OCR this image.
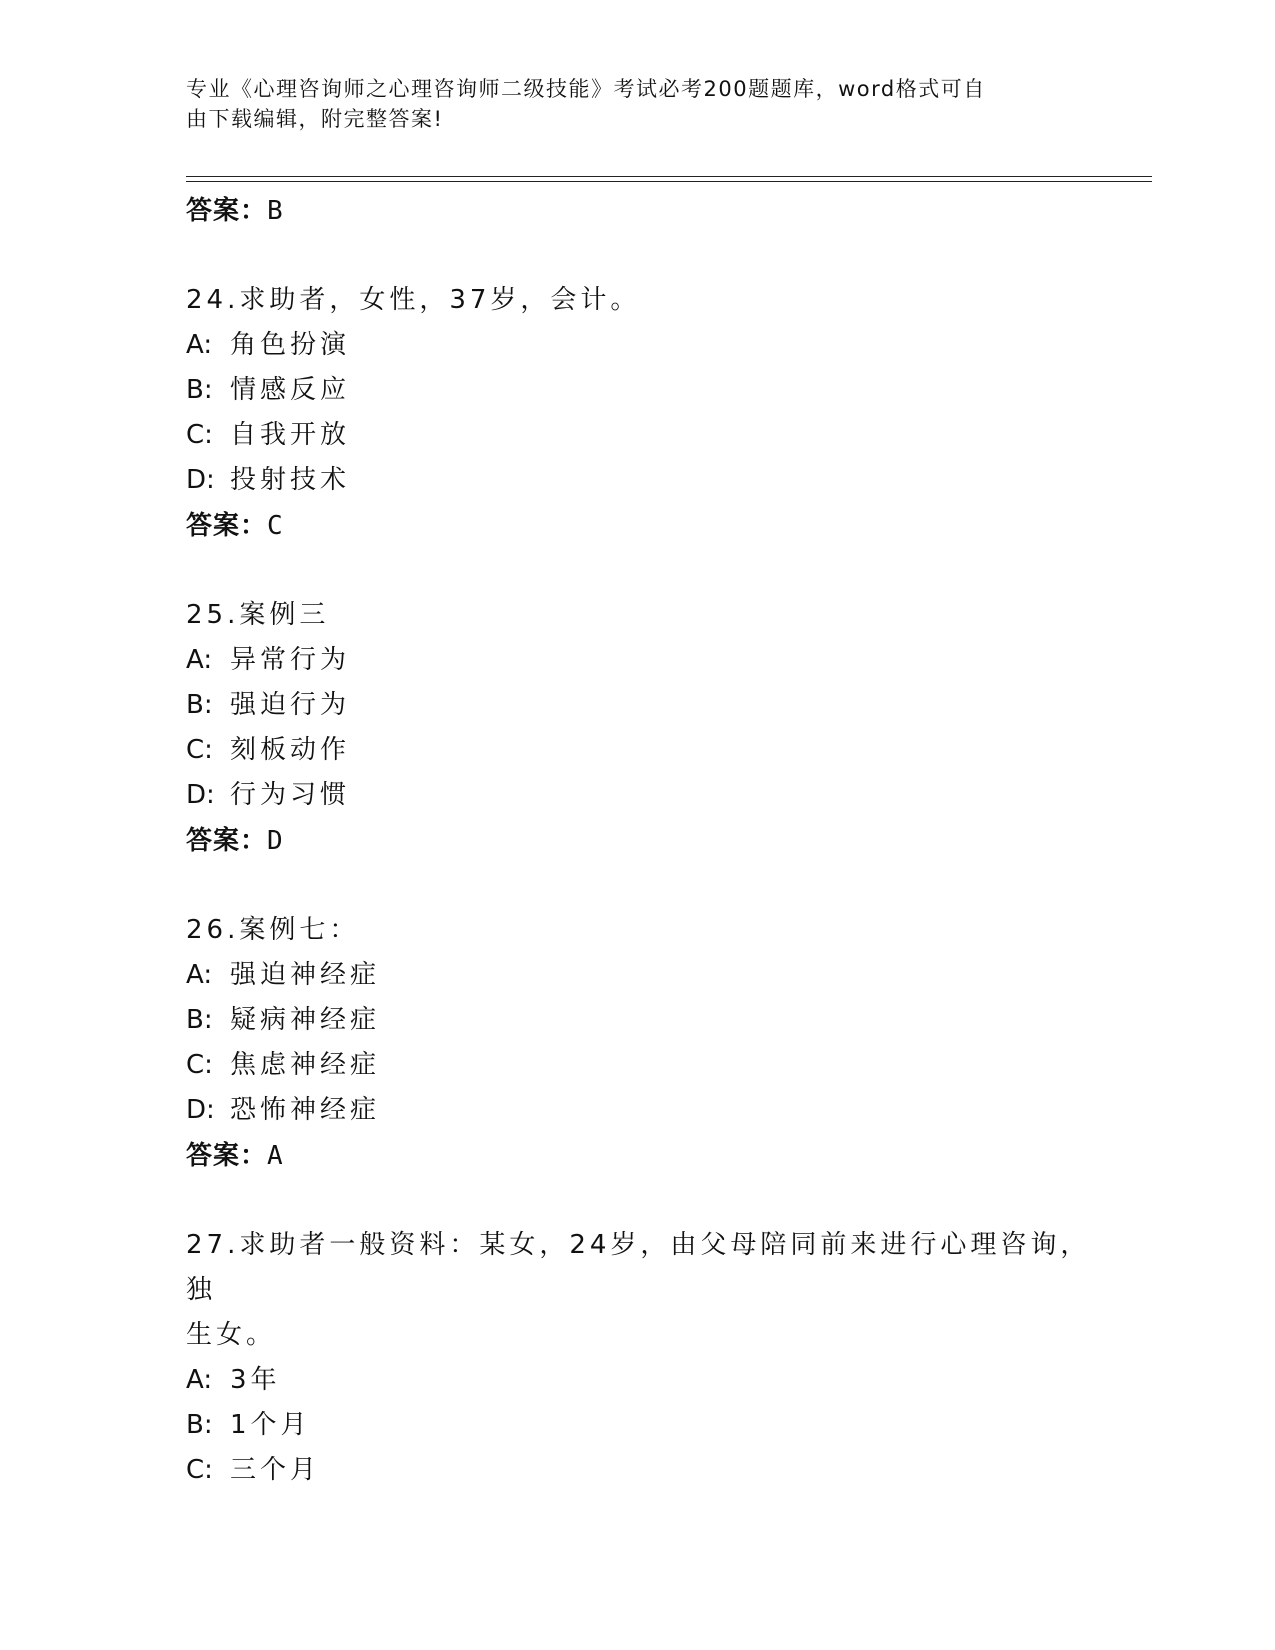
专业《心理咨询师之心理咨询师二级技能》考试必考200题题库，word格式可自
由下载编辑，附完整答案!

答案：B

24.求助者，女性，37岁，会计。

A: 角色扮演

B: 情感反应

C: 自我开放

D: 投射技术

答案：C

25.案例三

A: 异常行为

B: 强迫行为

C: 刻板动作

D: 行为习惯

答案：D

26.案例七：

A: 强迫神经症

B: 疑病神经症

C: 焦虑神经症

D: 恐怖神经症

答案：A

27.求助者一般资料：某女，24岁，由父母陪同前来进行心理咨询，独
生女。

A: 3年

B: 1个月

C: 三个月
